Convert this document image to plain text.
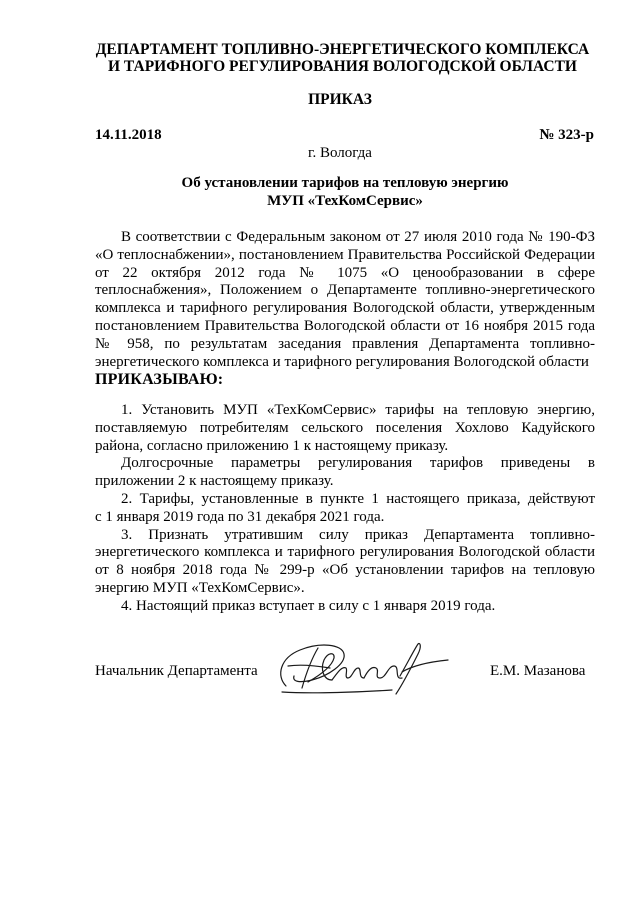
ДЕПАРТАМЕНТ ТОПЛИВНО-ЭНЕРГЕТИЧЕСКОГО КОМПЛЕКСА
И ТАРИФНОГО РЕГУЛИРОВАНИЯ ВОЛОГОДСКОЙ ОБЛАСТИ
ПРИКАЗ
14.11.2018	№ 323-р
г. Вологда
Об установлении тарифов на тепловую энергию
МУП «ТехКомСервис»
В соответствии с Федеральным законом от 27 июля 2010 года № 190-ФЗ
«О теплоснабжении», постановлением Правительства Российской Федерации
от 22 октября 2012 года № 1075 «О ценообразовании в сфере
теплоснабжения», Положением о Департаменте топливно-энергетического
комплекса и тарифного регулирования Вологодской области, утвержденным
постановлением Правительства Вологодской области от 16 ноября 2015 года
№ 958, по результатам заседания правления Департамента топливно-
энергетического комплекса и тарифного регулирования Вологодской области
ПРИКАЗЫВАЮ:
1. Установить МУП «ТехКомСервис» тарифы на тепловую энергию,
поставляемую потребителям сельского поселения Хохлово Кадуйского
района, согласно приложению 1 к настоящему приказу.
Долгосрочные параметры регулирования тарифов приведены в
приложении 2 к настоящему приказу.
2. Тарифы, установленные в пункте 1 настоящего приказа, действуют
с 1 января 2019 года по 31 декабря 2021 года.
3. Признать утратившим силу приказ Департамента топливно-
энергетического комплекса и тарифного регулирования Вологодской области
от 8 ноября 2018 года № 299-р «Об установлении тарифов на тепловую
энергию МУП «ТехКомСервис».
4. Настоящий приказ вступает в силу с 1 января 2019 года.
Начальник Департамента	Е.М. Мазанова
